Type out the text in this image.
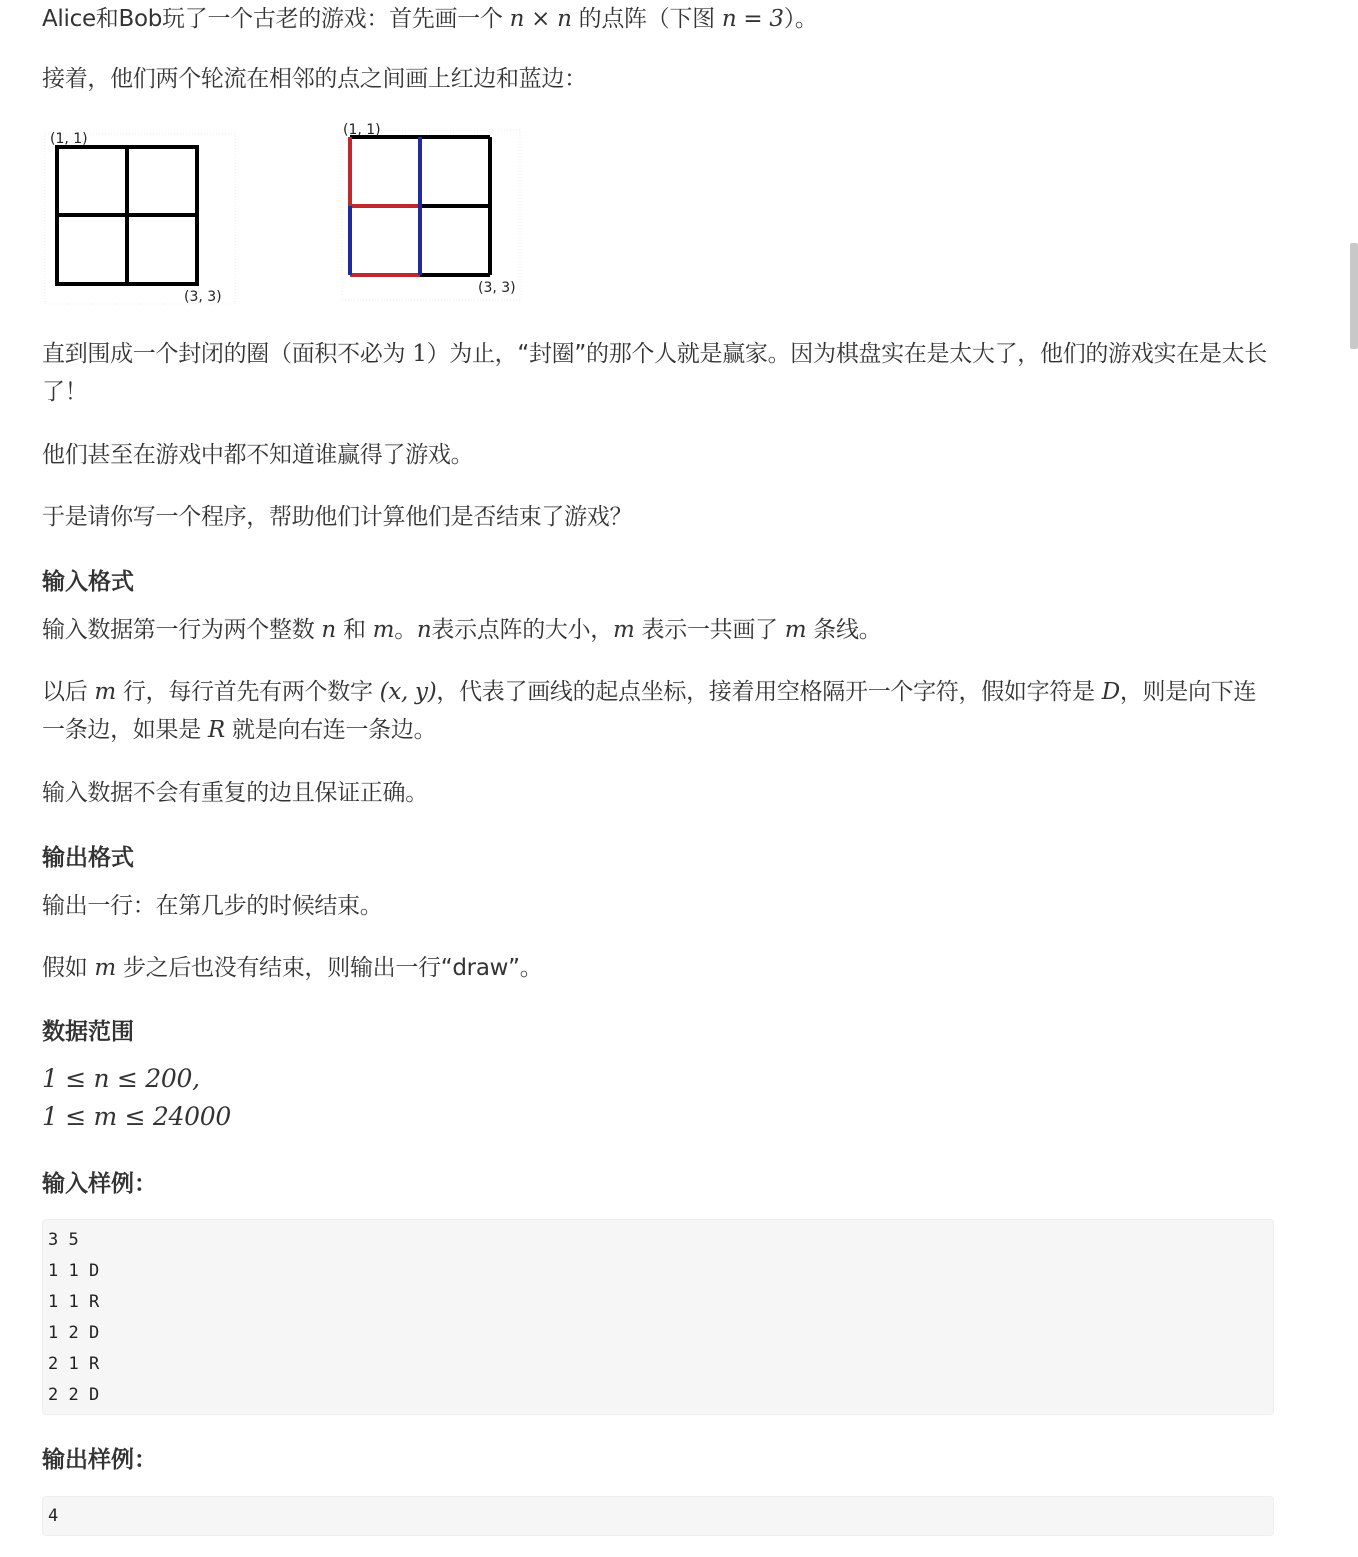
Alice和Bob玩了一个古老的游戏：首先画一个 n × n 的点阵（下图 n = 3）。

接着，他们两个轮流在相邻的点之间画上红边和蓝边：

(1, 1)
(3, 3)
(1, 1)
(3, 3)

直到围成一个封闭的圈（面积不必为 1）为止，“封圈”的那个人就是赢家。因为棋盘实在是太大了，他们的游戏实在是太长了！

他们甚至在游戏中都不知道谁赢得了游戏。

于是请你写一个程序，帮助他们计算他们是否结束了游戏？

输入格式

输入数据第一行为两个整数 n 和 m。n表示点阵的大小，m 表示一共画了 m 条线。

以后 m 行，每行首先有两个数字 (x, y)，代表了画线的起点坐标，接着用空格隔开一个字符，假如字符是 D，则是向下连一条边，如果是 R 就是向右连一条边。

输入数据不会有重复的边且保证正确。

输出格式

输出一行：在第几步的时候结束。

假如 m 步之后也没有结束，则输出一行“draw”。

数据范围

1 ≤ n ≤ 200,

1 ≤ m ≤ 24000

输入样例：
3 5
1 1 D
1 1 R
1 2 D
2 1 R
2 2 D
输出样例：
4
